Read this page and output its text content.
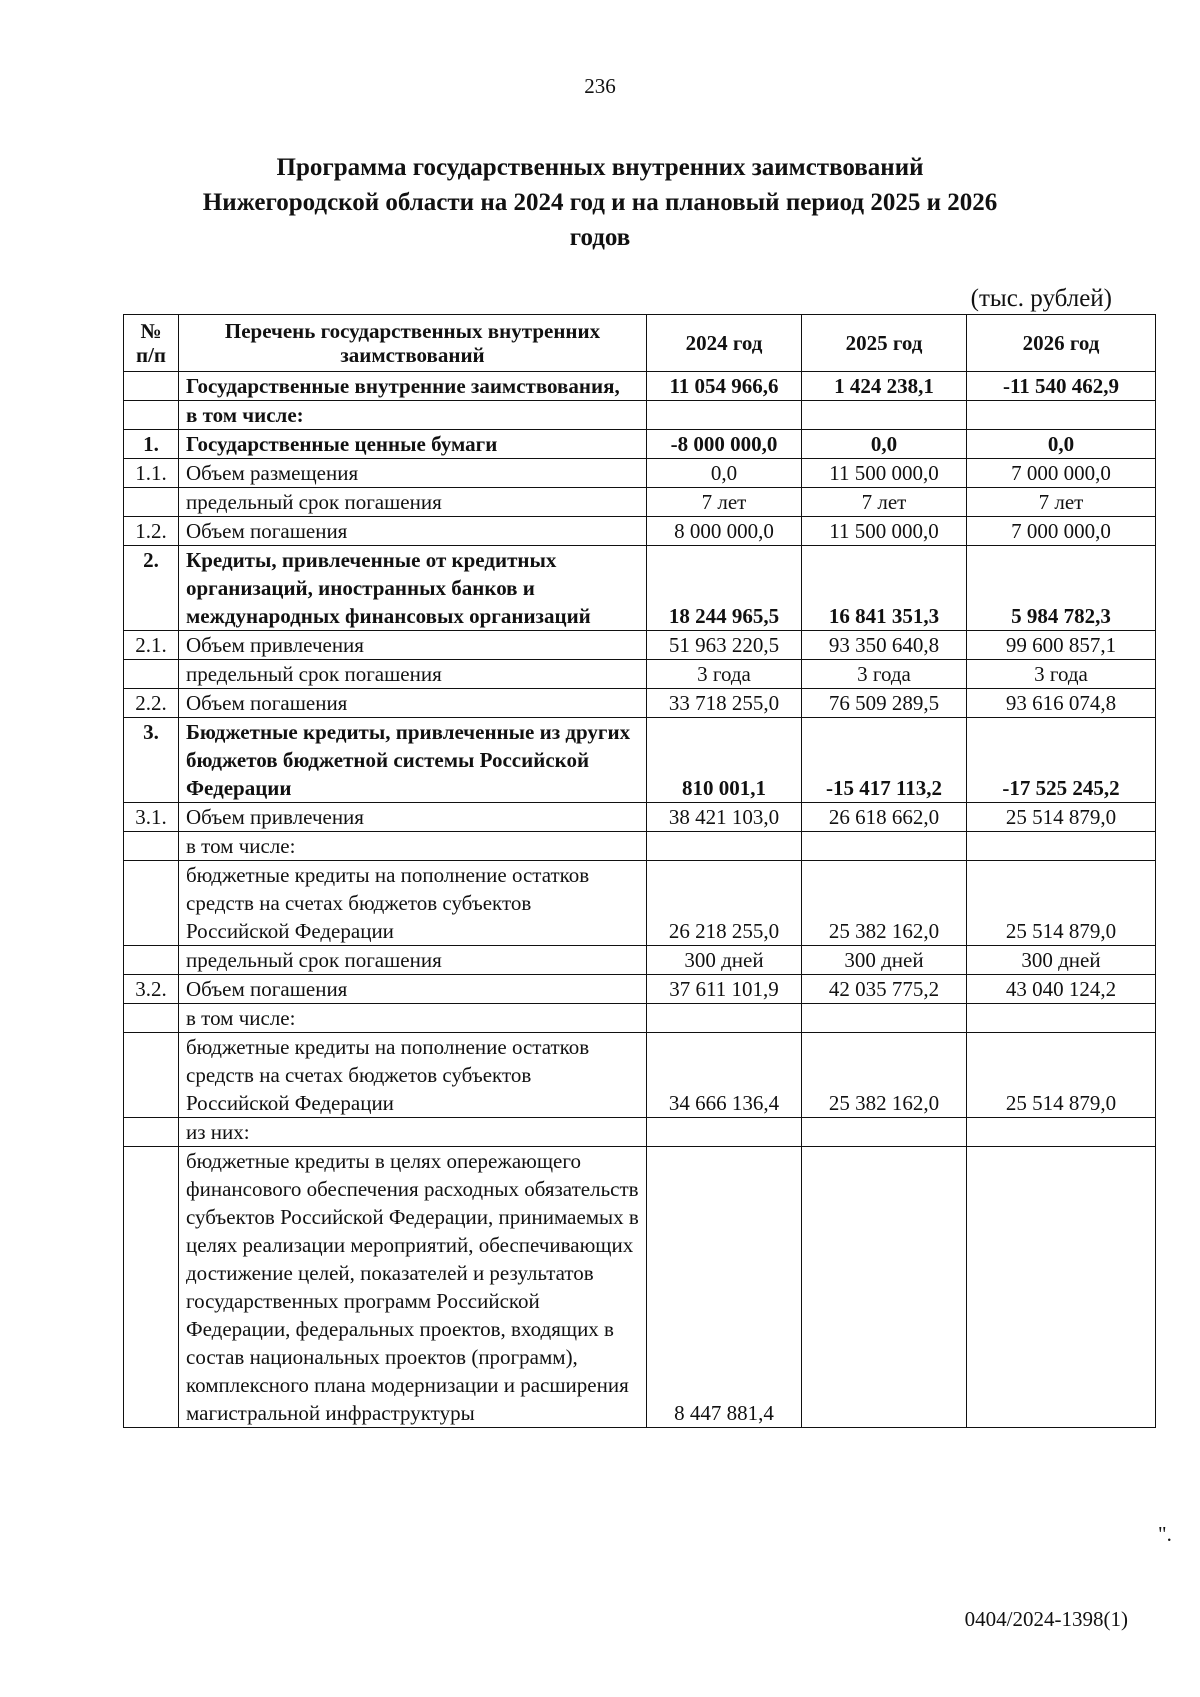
236
Программа государственных внутренних заимствований
Нижегородской области на 2024 год и на плановый период 2025 и 2026
годов
(тыс. рублей)
№ п/п	Перечень государственных внутренних заимствований	2024 год	2025 год	2026 год
	Государственные внутренние заимствования,	11 054 966,6	1 424 238,1	-11 540 462,9
	в том числе:			
1.	Государственные ценные бумаги	-8 000 000,0	0,0	0,0
1.1.	Объем размещения	0,0	11 500 000,0	7 000 000,0
	предельный срок погашения	7 лет	7 лет	7 лет
1.2.	Объем погашения	8 000 000,0	11 500 000,0	7 000 000,0
2.	Кредиты, привлеченные от кредитных организаций, иностранных банков и международных финансовых организаций	18 244 965,5	16 841 351,3	5 984 782,3
2.1.	Объем привлечения	51 963 220,5	93 350 640,8	99 600 857,1
	предельный срок погашения	3 года	3 года	3 года
2.2.	Объем погашения	33 718 255,0	76 509 289,5	93 616 074,8
3.	Бюджетные кредиты, привлеченные из других бюджетов бюджетной системы Российской Федерации	810 001,1	-15 417 113,2	-17 525 245,2
3.1.	Объем привлечения	38 421 103,0	26 618 662,0	25 514 879,0
	в том числе:			
	бюджетные кредиты на пополнение остатков средств на счетах бюджетов субъектов Российской Федерации	26 218 255,0	25 382 162,0	25 514 879,0
	предельный срок погашения	300 дней	300 дней	300 дней
3.2.	Объем погашения	37 611 101,9	42 035 775,2	43 040 124,2
	в том числе:			
	бюджетные кредиты на пополнение остатков средств на счетах бюджетов субъектов Российской Федерации	34 666 136,4	25 382 162,0	25 514 879,0
	из них:			
	бюджетные кредиты в целях опережающего финансового обеспечения расходных обязательств субъектов Российской Федерации, принимаемых в целях реализации мероприятий, обеспечивающих достижение целей, показателей и результатов государственных программ Российской Федерации, федеральных проектов, входящих в состав национальных проектов (программ), комплексного плана модернизации и расширения магистральной инфраструктуры	8 447 881,4		
".
0404/2024-1398(1)
